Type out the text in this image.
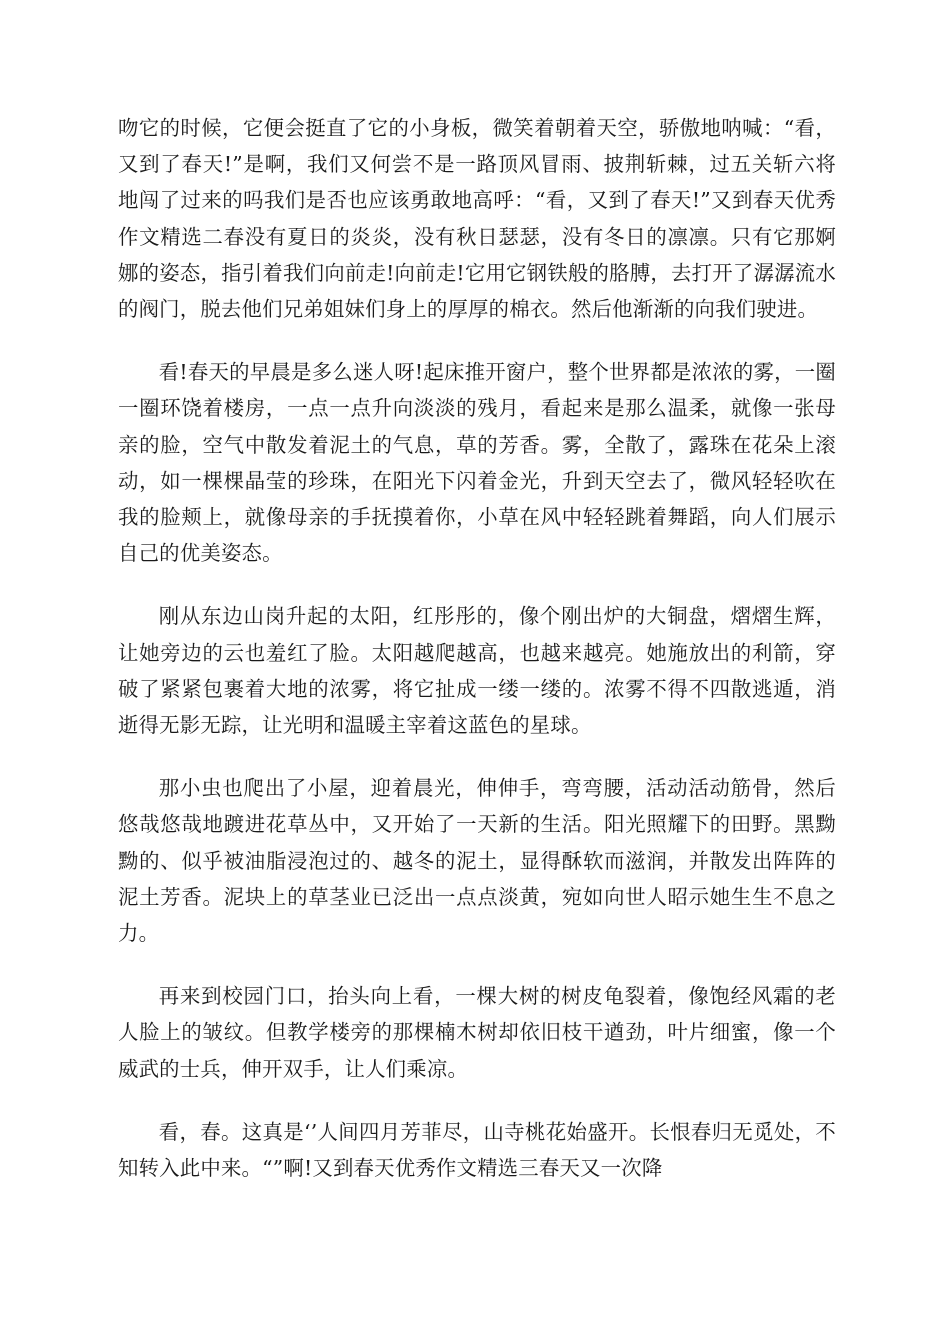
吻它的时候，它便会挺直了它的小身板，微笑着朝着天空，骄傲地呐喊：“看，又到了春天!”是啊，我们又何尝不是一路顶风冒雨、披荆斩棘，过五关斩六将地闯了过来的吗我们是否也应该勇敢地高呼：“看，又到了春天!”又到春天优秀作文精选二春没有夏日的炎炎，没有秋日瑟瑟，没有冬日的凛凛。只有它那婀娜的姿态，指引着我们向前走!向前走!它用它钢铁般的胳膊，去打开了潺潺流水的阀门，脱去他们兄弟姐妹们身上的厚厚的棉衣。然后他渐渐的向我们驶进。

看!春天的早晨是多么迷人呀!起床推开窗户，整个世界都是浓浓的雾，一圈一圈环饶着楼房，一点一点升向淡淡的残月，看起来是那么温柔，就像一张母亲的脸，空气中散发着泥土的气息，草的芳香。雾，全散了，露珠在花朵上滚动，如一棵棵晶莹的珍珠，在阳光下闪着金光，升到天空去了，微风轻轻吹在我的脸颊上，就像母亲的手抚摸着你，小草在风中轻轻跳着舞蹈，向人们展示自己的优美姿态。

刚从东边山岗升起的太阳，红彤彤的，像个刚出炉的大铜盘，熠熠生辉，让她旁边的云也羞红了脸。太阳越爬越高，也越来越亮。她施放出的利箭，穿破了紧紧包裹着大地的浓雾，将它扯成一缕一缕的。浓雾不得不四散逃遁，消逝得无影无踪，让光明和温暖主宰着这蓝色的星球。

那小虫也爬出了小屋，迎着晨光，伸伸手，弯弯腰，活动活动筋骨，然后悠哉悠哉地踱进花草丛中，又开始了一天新的生活。阳光照耀下的田野。黑黝黝的、似乎被油脂浸泡过的、越冬的泥土，显得酥软而滋润，并散发出阵阵的泥土芳香。泥块上的草茎业已泛出一点点淡黄，宛如向世人昭示她生生不息之力。

再来到校园门口，抬头向上看，一棵大树的树皮龟裂着，像饱经风霜的老人脸上的皱纹。但教学楼旁的那棵楠木树却依旧枝干遒劲，叶片细蜜，像一个威武的士兵，伸开双手，让人们乘凉。

看，春。这真是‘’人间四月芳菲尽，山寺桃花始盛开。长恨春归无觅处，不知转入此中来。“”啊!又到春天优秀作文精选三春天又一次降
